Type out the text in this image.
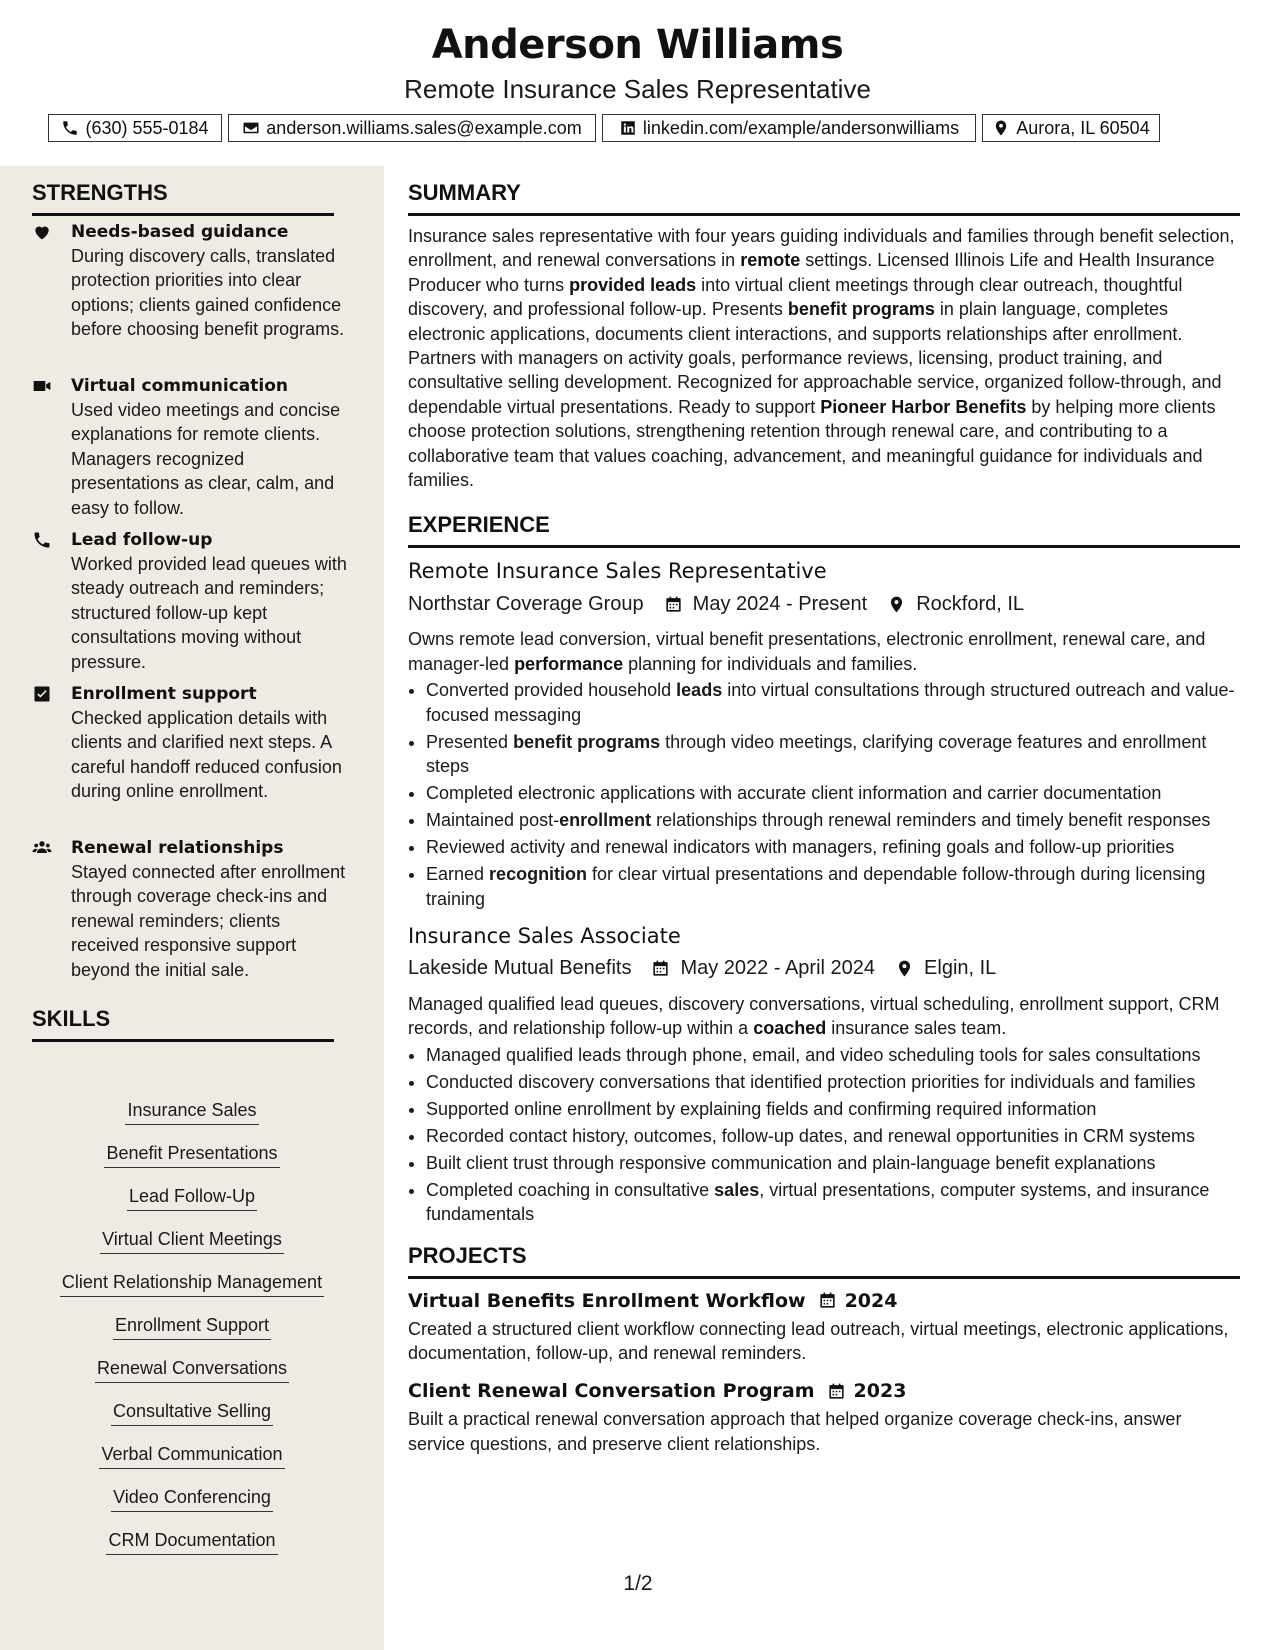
Anderson Williams
Remote Insurance Sales Representative
(630) 555-0184	anderson.williams.sales@example.com	linkedin.com/example/andersonwilliams	Aurora, IL 60504
STRENGTHS
Needs-based guidance
During discovery calls, translated protection priorities into clear options; clients gained confidence before choosing benefit programs.
Virtual communication
Used video meetings and concise explanations for remote clients. Managers recognized presentations as clear, calm, and easy to follow.
Lead follow-up
Worked provided lead queues with steady outreach and reminders; structured follow-up kept consultations moving without pressure.
Enrollment support
Checked application details with clients and clarified next steps. A careful handoff reduced confusion during online enrollment.
Renewal relationships
Stayed connected after enrollment through coverage check-ins and renewal reminders; clients received responsive support beyond the initial sale.
SKILLS
Insurance Sales
Benefit Presentations
Lead Follow-Up
Virtual Client Meetings
Client Relationship Management
Enrollment Support
Renewal Conversations
Consultative Selling
Verbal Communication
Video Conferencing
CRM Documentation
SUMMARY
Insurance sales representative with four years guiding individuals and families through benefit selection, enrollment, and renewal conversations in remote settings. Licensed Illinois Life and Health Insurance Producer who turns provided leads into virtual client meetings through clear outreach, thoughtful discovery, and professional follow-up. Presents benefit programs in plain language, completes electronic applications, documents client interactions, and supports relationships after enrollment. Partners with managers on activity goals, performance reviews, licensing, product training, and consultative selling development. Recognized for approachable service, organized follow-through, and dependable virtual presentations. Ready to support Pioneer Harbor Benefits by helping more clients choose protection solutions, strengthening retention through renewal care, and contributing to a collaborative team that values coaching, advancement, and meaningful guidance for individuals and families.
EXPERIENCE
Remote Insurance Sales Representative
Northstar Coverage Group May 2024 - Present Rockford, IL
Owns remote lead conversion, virtual benefit presentations, electronic enrollment, renewal care, and manager-led performance planning for individuals and families.
• Converted provided household leads into virtual consultations through structured outreach and value-focused messaging
• Presented benefit programs through video meetings, clarifying coverage features and enrollment steps
• Completed electronic applications with accurate client information and carrier documentation
• Maintained post-enrollment relationships through renewal reminders and timely benefit responses
• Reviewed activity and renewal indicators with managers, refining goals and follow-up priorities
• Earned recognition for clear virtual presentations and dependable follow-through during licensing training
Insurance Sales Associate
Lakeside Mutual Benefits May 2022 - April 2024 Elgin, IL
Managed qualified lead queues, discovery conversations, virtual scheduling, enrollment support, CRM records, and relationship follow-up within a coached insurance sales team.
• Managed qualified leads through phone, email, and video scheduling tools for sales consultations
• Conducted discovery conversations that identified protection priorities for individuals and families
• Supported online enrollment by explaining fields and confirming required information
• Recorded contact history, outcomes, follow-up dates, and renewal opportunities in CRM systems
• Built client trust through responsive communication and plain-language benefit explanations
• Completed coaching in consultative sales, virtual presentations, computer systems, and insurance fundamentals
PROJECTS
Virtual Benefits Enrollment Workflow 2024
Created a structured client workflow connecting lead outreach, virtual meetings, electronic applications, documentation, follow-up, and renewal reminders.
Client Renewal Conversation Program 2023
Built a practical renewal conversation approach that helped organize coverage check-ins, answer service questions, and preserve client relationships.
1/2
